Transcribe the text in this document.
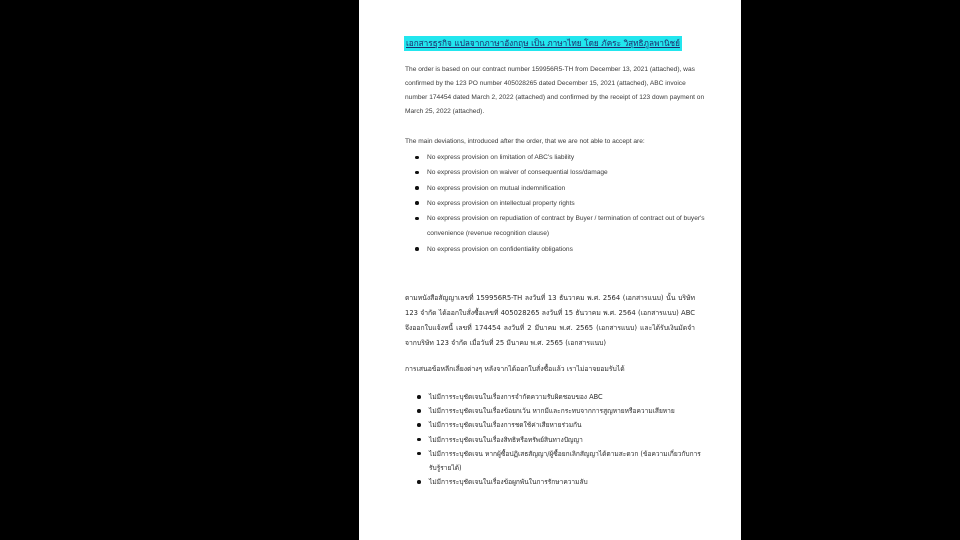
เอกสารธุรกิจ แปลจากภาษาอังกฤษ เป็น ภาษาไทย โดย ภัคระ วิสุทธิภูลพานิชย์
The order is based on our contract number 159956R5-TH from December 13, 2021 (attached), was confirmed by the 123 PO number 405028265 dated December 15, 2021 (attached), ABC invoice number 174454 dated March 2, 2022 (attached) and confirmed by the receipt of 123 down payment on March 25, 2022 (attached).
The main deviations, introduced after the order, that we are not able to accept are:
No express provision on limitation of ABC's liability
No express provision on waiver of consequential loss/damage
No express provision on mutual indemnification
No express provision on intellectual property rights
No express provision on repudiation of contract by Buyer / termination of contract out of buyer's convenience (revenue recognition clause)
No express provision on confidentiality obligations
ตามหนังสือสัญญาเลขที่ 159956R5-TH ลงวันที่ 13 ธันวาคม พ.ศ. 2564 (เอกสารแนบ) นั้น บริษัท 123 จำกัด ได้ออกใบสั่งซื้อเลขที่ 405028265 ลงวันที่ 15 ธันวาคม พ.ศ. 2564 (เอกสารแนบ) ABC จึงออกใบแจ้งหนี้ เลขที่ 174454 ลงวันที่ 2 มีนาคม พ.ศ. 2565 (เอกสารแนบ) และได้รับเงินมัดจำจากบริษัท 123 จำกัด เมื่อวันที่ 25 มีนาคม พ.ศ. 2565 (เอกสารแนบ)
การเสนอข้อหลีกเลี่ยงต่างๆ หลังจากได้ออกใบสั่งซื้อแล้ว เราไม่อาจยอมรับได้
ไม่มีการระบุชัดเจนในเรื่องการจำกัดความรับผิดชอบของ ABC
ไม่มีการระบุชัดเจนในเรื่องข้อยกเว้น หากมีและกระทบจากการสูญหายหรือความเสียหาย
ไม่มีการระบุชัดเจนในเรื่องการชดใช้ค่าเสียหายร่วมกัน
ไม่มีการระบุชัดเจนในเรื่องสิทธิหรือทรัพย์สินทางปัญญา
ไม่มีการระบุชัดเจน หากผู้ซื้อปฏิเสธสัญญา/ผู้ซื้อยกเลิกสัญญาได้ตามสะดวก (ข้อความเกี่ยวกับการรับรู้รายได้)
ไม่มีการระบุชัดเจนในเรื่องข้อผูกพันในการรักษาความลับ
